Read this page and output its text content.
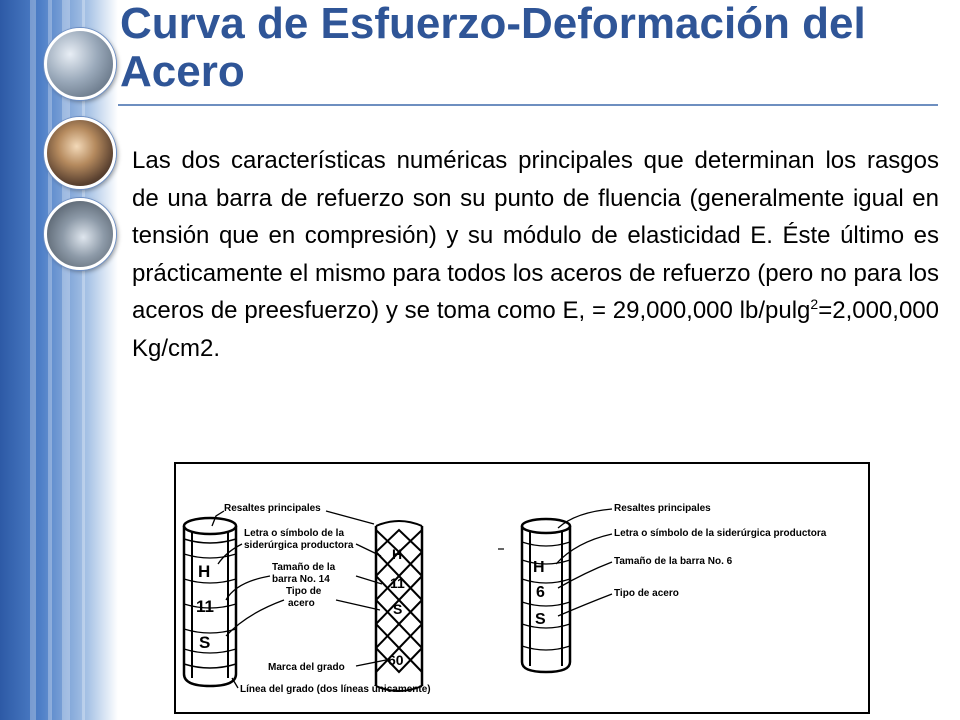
Curva de Esfuerzo-Deformación del Acero

Las dos características numéricas principales que determinan los rasgos de una barra de refuerzo son su punto de fluencia (generalmente igual en tensión que en compresión) y su módulo de elasticidad E. Éste último es prácticamente el mismo para todos los aceros de refuerzo (pero no para los aceros de preesfuerzo) y se toma como E, = 29,000,000 lb/pulg$^2$=2,000,000 Kg/cm2.

H
11
S
H
11
S
60
Resaltes principales
Letra o símbolo de la
siderúrgica productora
Tamaño de la
barra No. 14
Tipo de
acero
Marca del grado
Línea del grado (dos líneas únicamente)
H
6
S
Resaltes principales
Letra o símbolo de la siderúrgica productora
Tamaño de la barra No. 6
Tipo de acero
